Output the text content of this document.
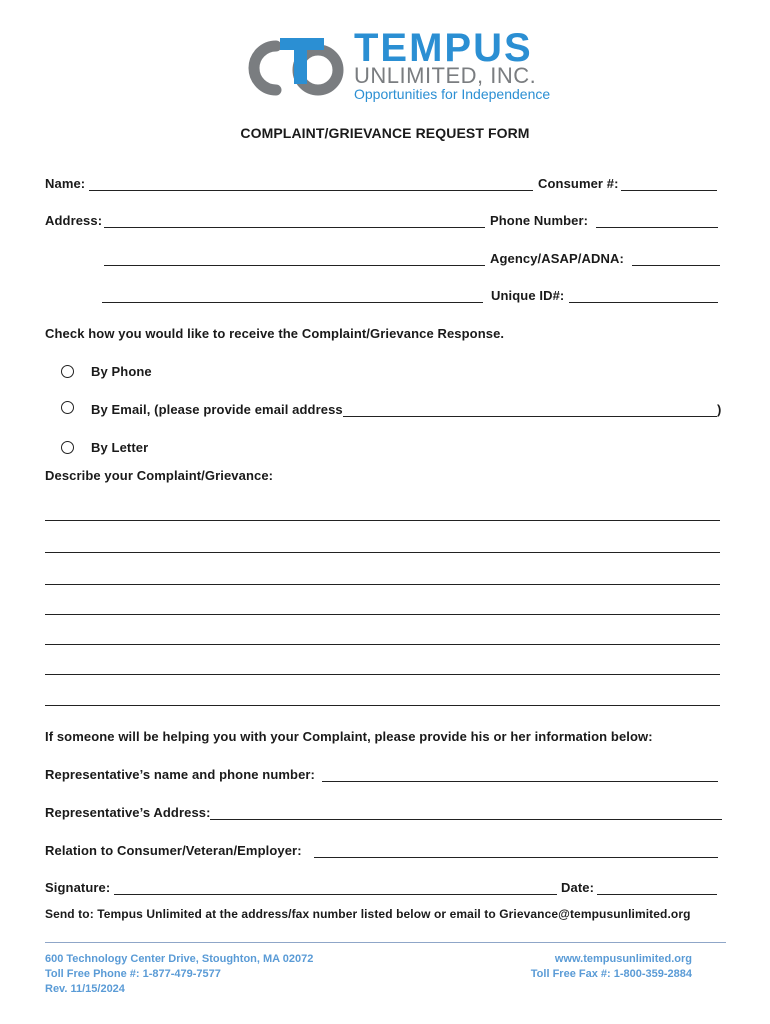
TEMPUS
UNLIMITED, INC.
Opportunities for Independence
COMPLAINT/GRIEVANCE REQUEST FORM
Name:	Consumer #:
Address:	Phone Number:
Agency/ASAP/ADNA:
Unique ID#:
Check how you would like to receive the Complaint/Grievance Response.
By Phone
By Email, (please provide email address	)
By Letter
Describe your Complaint/Grievance:
If someone will be helping you with your Complaint, please provide his or her information below:
Representative’s name and phone number:
Representative’s Address:
Relation to Consumer/Veteran/Employer:
Signature:	Date:
Send to: Tempus Unlimited at the address/fax number listed below or email to Grievance@tempusunlimited.org
600 Technology Center Drive, Stoughton, MA 02072
Toll Free Phone #: 1-877-479-7577
Rev. 11/15/2024
www.tempusunlimited.org
Toll Free Fax #: 1-800-359-2884
